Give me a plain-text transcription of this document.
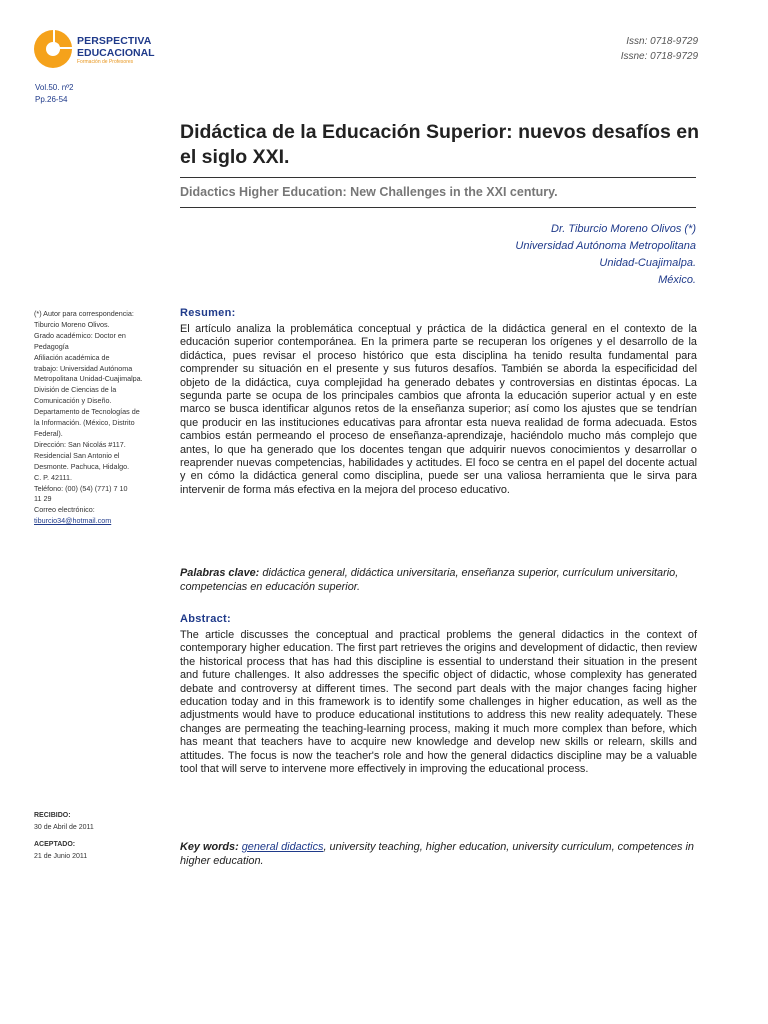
PERSPECTIVA
EDUCACIONAL
Formación de Profesores
Issn: 0718-9729
Issne: 0718-9729
Vol.50. nº2
Pp.26-54
Didáctica de la Educación Superior: nuevos desafíos en el siglo XXI.
Didactics Higher Education: New Challenges in the XXI century.
Dr. Tiburcio Moreno Olivos (*)
Universidad Autónoma Metropolitana
Unidad-Cuajimalpa.
México.
(*) Autor para correspondencia:
Tiburcio Moreno Olivos.
Grado académico: Doctor en
Pedagogía
Afiliación académica de
trabajo: Universidad Autónoma
Metropolitana Unidad-Cuajimalpa.
División de Ciencias de la
Comunicación y Diseño.
Departamento de Tecnologías de
la Información. (México, Distrito
Federal).
Dirección: San Nicolás #117.
Residencial San Antonio el
Desmonte. Pachuca, Hidalgo.
C. P. 42111.
Teléfono: (00) (54) (771) 7 10
11 29
Correo electrónico:
tiburcio34@hotmail.com
RECIBIDO:
30 de Abril de 2011
ACEPTADO:
21 de Junio 2011
Resumen:

El artículo analiza la problemática conceptual y práctica de la didáctica general en el contexto de la educación superior contemporánea. En la primera parte se recuperan los orígenes y el desarrollo de la didáctica, pues revisar el proceso histórico que esta disciplina ha tenido resulta fundamental para comprender su situación en el presente y sus futuros desafíos. También se aborda la especificidad del objeto de la didáctica, cuya complejidad ha generado debates y controversias en distintas épocas. La segunda parte se ocupa de los principales cambios que afronta la educación superior actual y en este marco se busca identificar algunos retos de la enseñanza superior; así como los ajustes que se tendrían que producir en las instituciones educativas para afrontar esta nueva realidad de forma adecuada. Estos cambios están permeando el proceso de enseñanza-aprendizaje, haciéndolo mucho más complejo que antes, lo que ha generado que los docentes tengan que adquirir nuevos conocimientos y desarrollar o reaprender nuevas competencias, habilidades y actitudes. El foco se centra en el papel del docente actual y en cómo la didáctica general como disciplina, puede ser una valiosa herramienta que le sirva para intervenir de forma más efectiva en la mejora del proceso educativo.

Palabras clave: didáctica general, didáctica universitaria, enseñanza superior, currículum universitario, competencias en educación superior.

Abstract:

The article discusses the conceptual and practical problems the general didactics in the context of contemporary higher education. The first part retrieves the origins and development of didactic, then review the historical process that has had this discipline is essential to understand their situation in the present and future challenges. It also addresses the specific object of didactic, whose complexity has generated debate and controversy at different times. The second part deals with the major changes facing higher education today and in this framework is to identify some challenges in higher education, as well as the adjustments would have to produce educational institutions to address this new reality adequately. These changes are permeating the teaching-learning process, making it much more complex than before, which has meant that teachers have to acquire new knowledge and develop new skills or relearn, skills and attitudes. The focus is now the teacher's role and how the general didactics discipline may be a valuable tool that will serve to intervene more effectively in improving the educational process.

Key words: general didactics, university teaching, higher education, university curriculum, competences in higher education.
